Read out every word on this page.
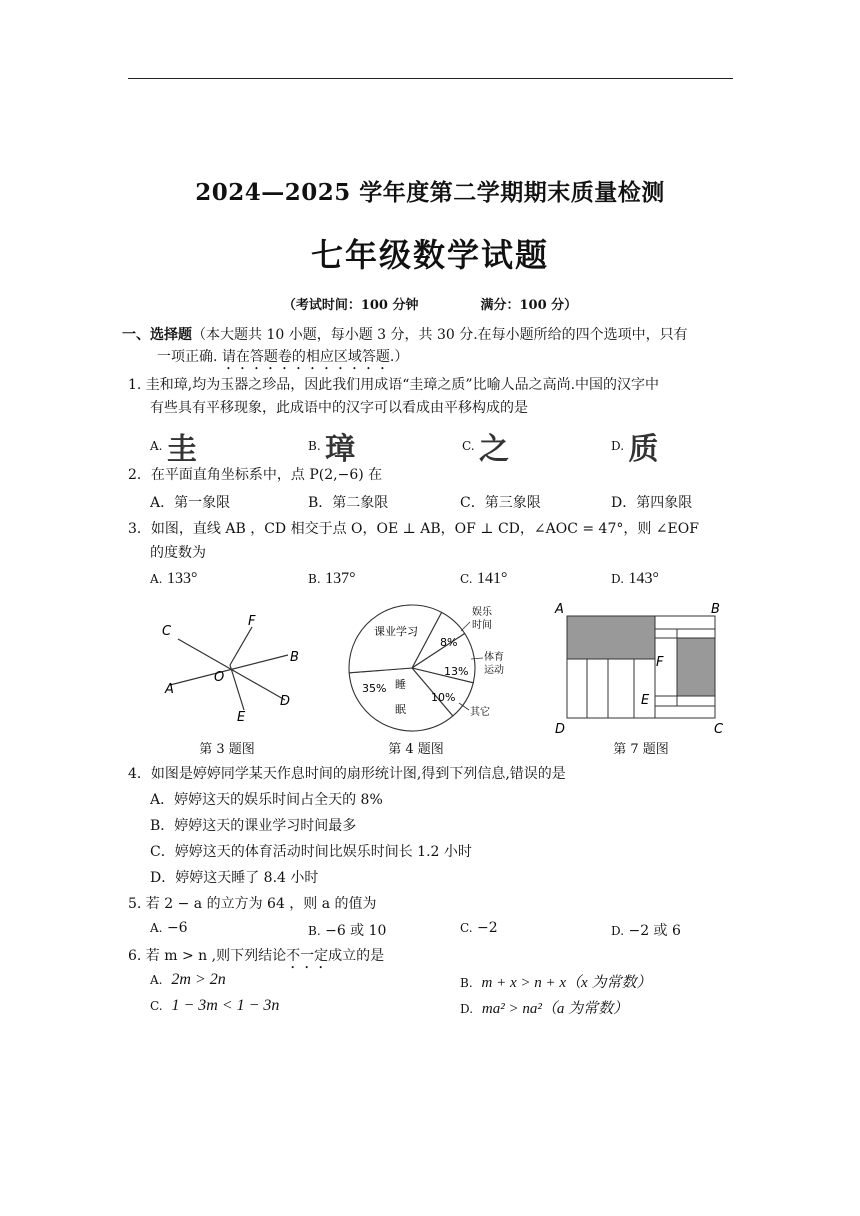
2024—2025 学年度第二学期期末质量检测
七年级数学试题
（考试时间：100 分钟	满分：100 分）
一、选择题（本大题共 10 小题，每小题 3 分，共 30 分.在每小题所给的四个选项中，只有
一项正确. 请在答题卷的相应区域答题.）
1. 圭和璋,均为玉器之珍品，因此我们用成语“圭璋之质”比喻人品之高尚.中国的汉字中
有些具有平移现象，此成语中的汉字可以看成由平移构成的是
A. 圭	B. 璋	C. 之	D. 质
2．在平面直角坐标系中，点 P(2,−6) 在
A．第一象限	B．第二象限	C．第三象限	D．第四象限
3．如图，直线 AB ，CD 相交于点 O，OE ⊥ AB，OF ⊥ CD，∠AOC = 47°，则 ∠EOF
的度数为
A. 133°	B. 137°	C. 141°	D. 143°
C
F
B
A
O
D
E
第 3 题图
课业学习
娱乐
时间
8%
体育
运动
13%
10%
其它
35% 睡
眠
第 4 题图
A	B
D	C
F
E
第 7 题图
4．如图是婷婷同学某天作息时间的扇形统计图,得到下列信息,错误的是
A．婷婷这天的娱乐时间占全天的 8%
B．婷婷这天的课业学习时间最多
C．婷婷这天的体育活动时间比娱乐时间长 1.2 小时
D．婷婷这天睡了 8.4 小时
5. 若 2 − a 的立方为 64 ，则 a 的值为
A. −6	B. −6 或 10	C. −2	D. −2 或 6
6. 若 m > n ,则下列结论不一定成立的是
A. 2m > 2n	B. m + x > n + x（x 为常数）
C. 1 − 3m < 1 − 3n	D. ma² > na²（a 为常数）
